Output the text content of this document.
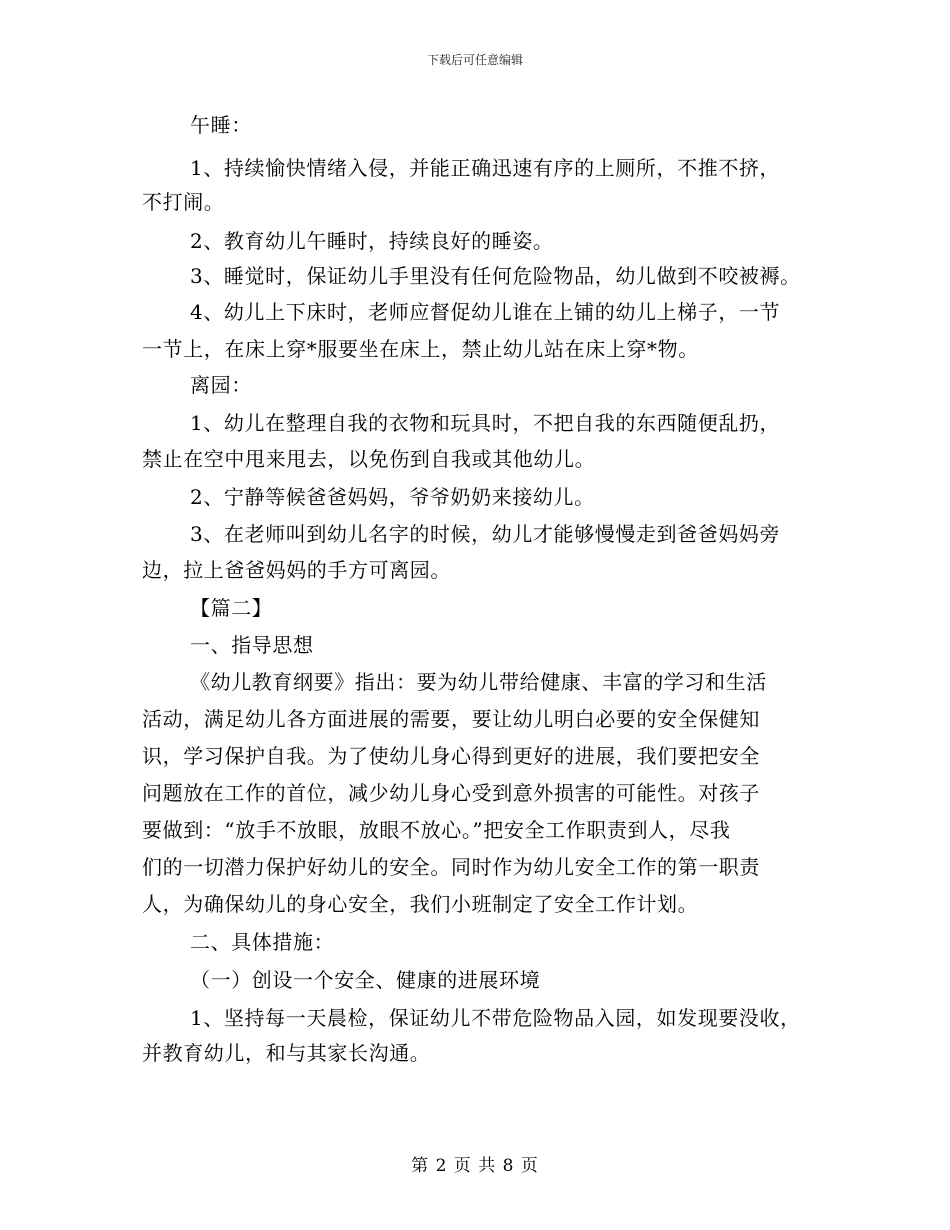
下载后可任意编辑
午睡：
1、持续愉快情绪入侵，并能正确迅速有序的上厕所，不推不挤，
不打闹。
2、教育幼儿午睡时，持续良好的睡姿。
3、睡觉时，保证幼儿手里没有任何危险物品，幼儿做到不咬被褥。
4、幼儿上下床时，老师应督促幼儿谁在上铺的幼儿上梯子，一节
一节上，在床上穿*服要坐在床上，禁止幼儿站在床上穿*物。
离园：
1、幼儿在整理自我的衣物和玩具时，不把自我的东西随便乱扔，
禁止在空中甩来甩去，以免伤到自我或其他幼儿。
2、宁静等候爸爸妈妈，爷爷奶奶来接幼儿。
3、在老师叫到幼儿名字的时候，幼儿才能够慢慢走到爸爸妈妈旁
边，拉上爸爸妈妈的手方可离园。
【篇二】
一、指导思想
《幼儿教育纲要》指出：要为幼儿带给健康、丰富的学习和生活
活动，满足幼儿各方面进展的需要，要让幼儿明白必要的安全保健知
识，学习保护自我。为了使幼儿身心得到更好的进展，我们要把安全
问题放在工作的首位，减少幼儿身心受到意外损害的可能性。对孩子
要做到：“放手不放眼，放眼不放心。”把安全工作职责到人，尽我
们的一切潜力保护好幼儿的安全。同时作为幼儿安全工作的第一职责
人，为确保幼儿的身心安全，我们小班制定了安全工作计划。
二、具体措施：
（一）创设一个安全、健康的进展环境
1、坚持每一天晨检，保证幼儿不带危险物品入园，如发现要没收，
并教育幼儿，和与其家长沟通。
第 2 页 共 8 页
